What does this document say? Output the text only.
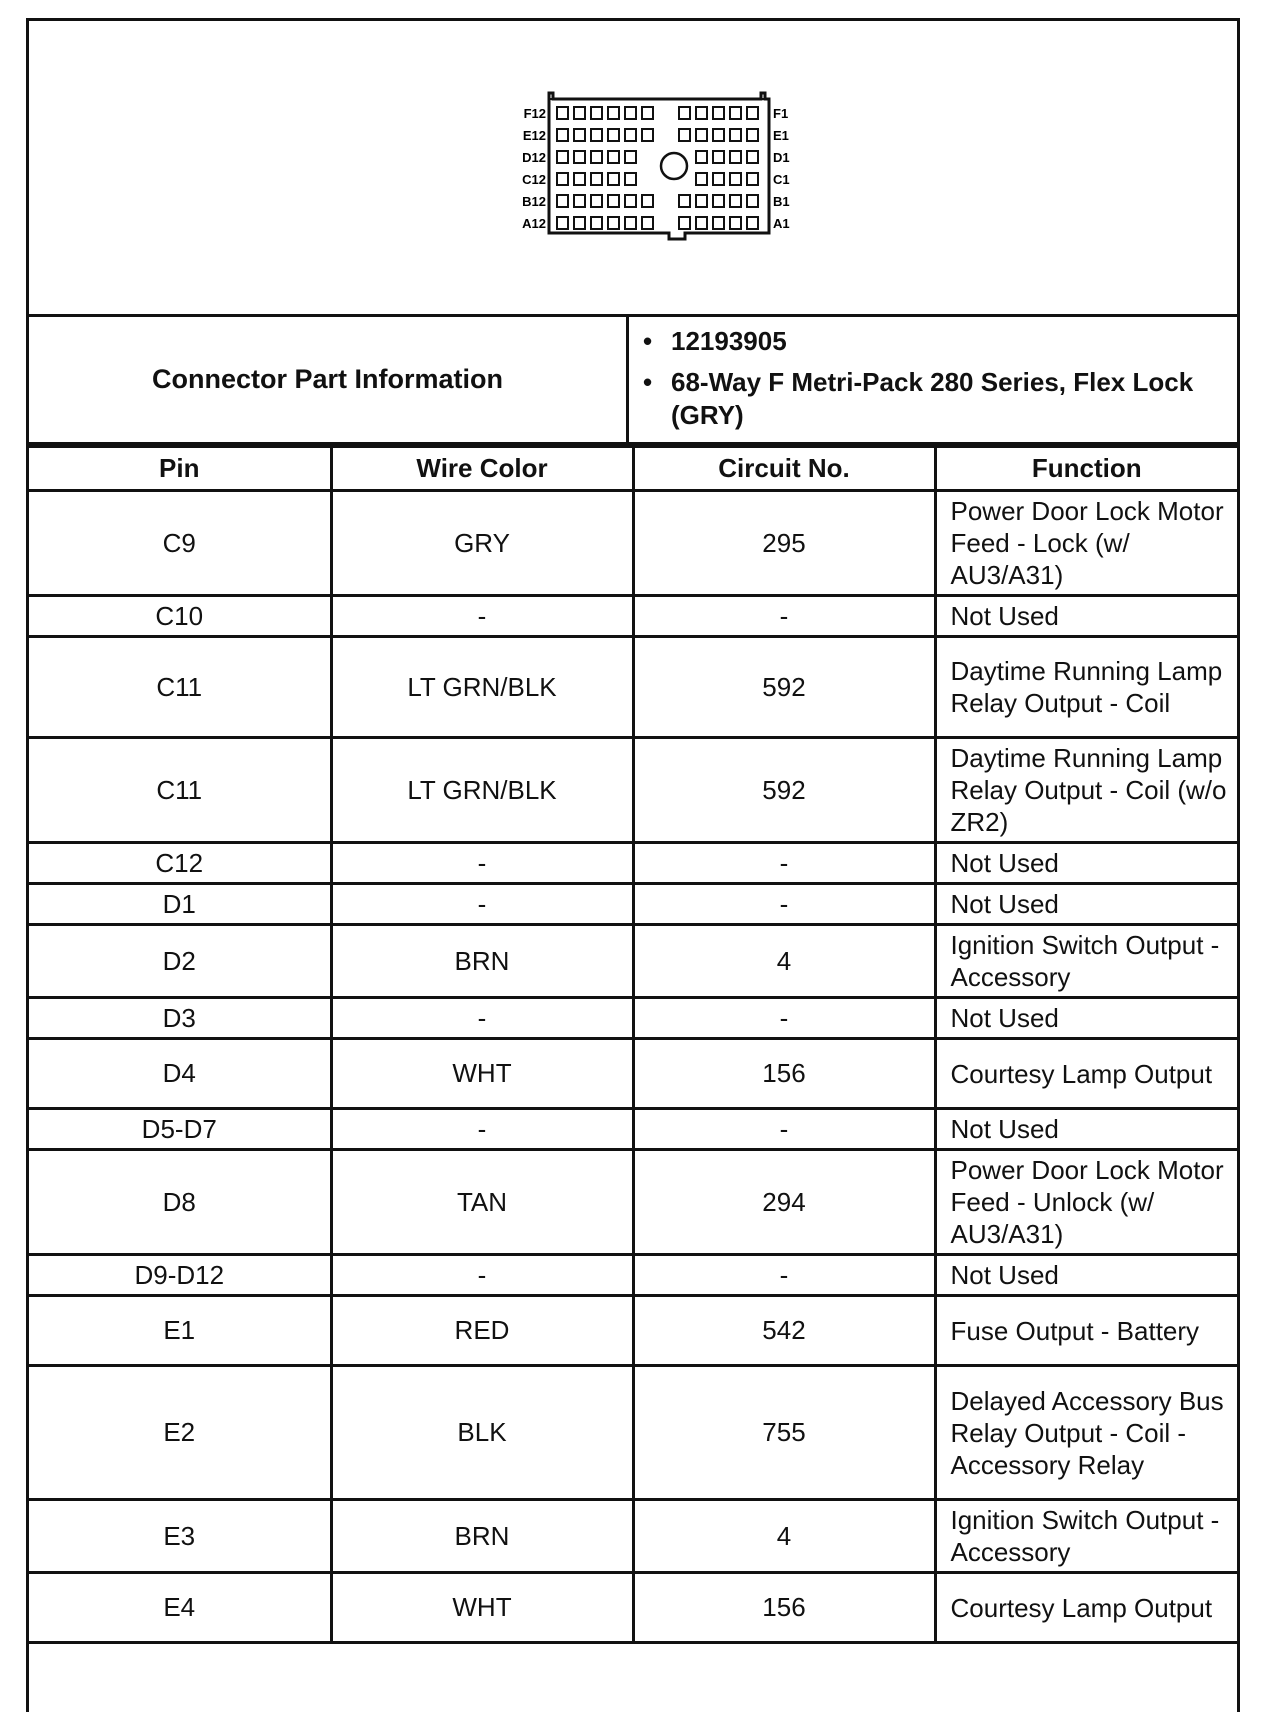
F12
E12
D12
C12
B12
A12
F1
E1
D1
C1
B1
A1
Connector Part Information
• 12193905
• 68-Way F Metri-Pack 280 Series, Flex Lock (GRY)
Pin	Wire Color	Circuit No.	Function
C9	GRY	295	Power Door Lock Motor Feed - Lock (w/ AU3/A31)
C10	-	-	Not Used
C11	LT GRN/BLK	592	Daytime Running Lamp Relay Output - Coil
C11	LT GRN/BLK	592	Daytime Running Lamp Relay Output - Coil (w/o ZR2)
C12	-	-	Not Used
D1	-	-	Not Used
D2	BRN	4	Ignition Switch Output - Accessory
D3	-	-	Not Used
D4	WHT	156	Courtesy Lamp Output
D5-D7	-	-	Not Used
D8	TAN	294	Power Door Lock Motor Feed - Unlock (w/ AU3/A31)
D9-D12	-	-	Not Used
E1	RED	542	Fuse Output - Battery
E2	BLK	755	Delayed Accessory Bus Relay Output - Coil - Accessory Relay
E3	BRN	4	Ignition Switch Output - Accessory
E4	WHT	156	Courtesy Lamp Output
